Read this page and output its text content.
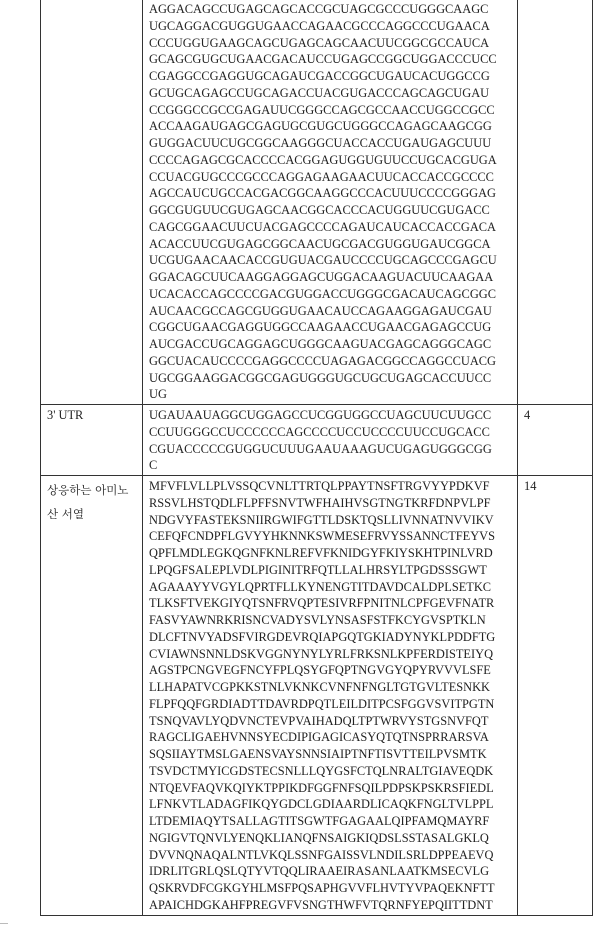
	AGGACAGCCUGAGCAGCACCGCUAGCGCCCUGGGCAAGC
UGCAGGACGUGGUGAACCAGAACGCCCAGGCCCUGAACA
CCCUGGUGAAGCAGCUGAGCAGCAACUUCGGCGCCAUCA
GCAGCGUGCUGAACGACAUCCUGAGCCGGCUGGACCCUCC
CGAGGCCGAGGUGCAGAUCGACCGGCUGAUCACUGGCCG
GCUGCAGAGCCUGCAGACCUACGUGACCCAGCAGCUGAU
CCGGGCCGCCGAGAUUCGGGCCAGCGCCAACCUGGCCGCC
ACCAAGAUGAGCGAGUGCGUGCUGGGCCAGAGCAAGCGG
GUGGACUUCUGCGGCAAGGGCUACCACCUGAUGAGCUUU
CCCCAGAGCGCACCCCACGGAGUGGUGUUCCUGCACGUGA
CCUACGUGCCCGCCCAGGAGAAGAACUUCACCACCGCCCC
AGCCAUCUGCCACGACGGCAAGGCCCACUUUCCCCGGGAG
GGCGUGUUCGUGAGCAACGGCACCCACUGGUUCGUGACC
CAGCGGAACUUCUACGAGCCCCAGAUCAUCACCACCGACA
ACACCUUCGUGAGCGGCAACUGCGACGUGGUGAUCGGCA
UCGUGAACAACACCGUGUACGAUCCCCUGCAGCCCGAGCU
GGACAGCUUCAAGGAGGAGCUGGACAAGUACUUCAAGAA
UCACACCAGCCCCGACGUGGACCUGGGCGACAUCAGCGGC
AUCAACGCCAGCGUGGUGAACAUCCAGAAGGAGAUCGAU
CGGCUGAACGAGGUGGCCAAGAACCUGAACGAGAGCCUG
AUCGACCUGCAGGAGCUGGGCAAGUACGAGCAGGGCAGC
GGCUACAUCCCCGAGGCCCCUAGAGACGGCCAGGCCUACG
UGCGGAAGGACGGCGAGUGGGUGCUGCUGAGCACCUUCC
UG	
3' UTR	UGAUAAUAGGCUGGAGCCUCGGUGGCCUAGCUUCUUGCC
CCUUGGGCCUCCCCCCAGCCCCUCCUCCCCUUCCUGCACC
CGUACCCCCGUGGUCUUUGAAUAAAGUCUGAGUGGGCGG
C	4
상응하는 아미노산 서열	MFVFLVLLPLVSSQCVNLTTRTQLPPAYTNSFTRGVYYPDKVF
RSSVLHSTQDLFLPFFSNVTWFHAIHVSGTNGTKRFDNPVLPF
NDGVYFASTEKSNIIRGWIFGTTLDSKTQSLLIVNNATNVVIKV
CEFQFCNDPFLGVYYHKNNKSWMESEFRVYSSANNCTFEYVS
QPFLMDLEGKQGNFKNLREFVFKNIDGYFKIYSKHTPINLVRD
LPQGFSALEPLVDLPIGINITRFQTLLALHRSYLTPGDSSSGWT
AGAAAYYVGYLQPRTFLLKYNENGTITDAVDCALDPLSETKC
TLKSFTVEKGIYQTSNFRVQPTESIVRFPNITNLCPFGEVFNATR
FASVYAWNRKRISNCVADYSVLYNSASFSTFKCYGVSPTKLN
DLCFTNVYADSFVIRGDEVRQIAPGQTGKIADYNYKLPDDFTG
CVIAWNSNNLDSKVGGNYNYLYRLFRKSNLKPFERDISTEIYQ
AGSTPCNGVEGFNCYFPLQSYGFQPTNGVGYQPYRVVVLSFE
LLHAPATVCGPKKSTNLVKNKCVNFNFNGLTGTGVLTESNKK
FLPFQQFGRDIADTTDAVRDPQTLEILDITPCSFGGVSVITPGTN
TSNQVAVLYQDVNCTEVPVAIHADQLTPTWRVYSTGSNVFQT
RAGCLIGAEHVNNSYECDIPIGAGICASYQTQTNSPRRARSVA
SQSIIAYTMSLGAENSVAYSNNSIAIPTNFTISVTTEILPVSMTK
TSVDCTMYICGDSTECSNLLLQYGSFCTQLNRALTGIAVEQDK
NTQEVFAQVKQIYKTPPIKDFGGFNFSQILPDPSKPSKRSFIEDL
LFNKVTLADAGFIKQYGDCLGDIAARDLICAQKFNGLTVLPPL
LTDEMIAQYTSALLAGTITSGWTFGAGAALQIPFAMQMAYRF
NGIGVTQNVLYENQKLIANQFNSAIGKIQDSLSSTASALGKLQ
DVVNQNAQALNTLVKQLSSNFGAISSVLNDILSRLDPPEAEVQ
IDRLITGRLQSLQTYVTQQLIRAAEIRASANLAATKMSECVLG
QSKRVDFCGKGYHLMSFPQSAPHGVVFLHVTYVPAQEKNFTT
APAICHDGKAHFPREGVFVSNGTHWFVTQRNFYEPQIITTDNT	14
